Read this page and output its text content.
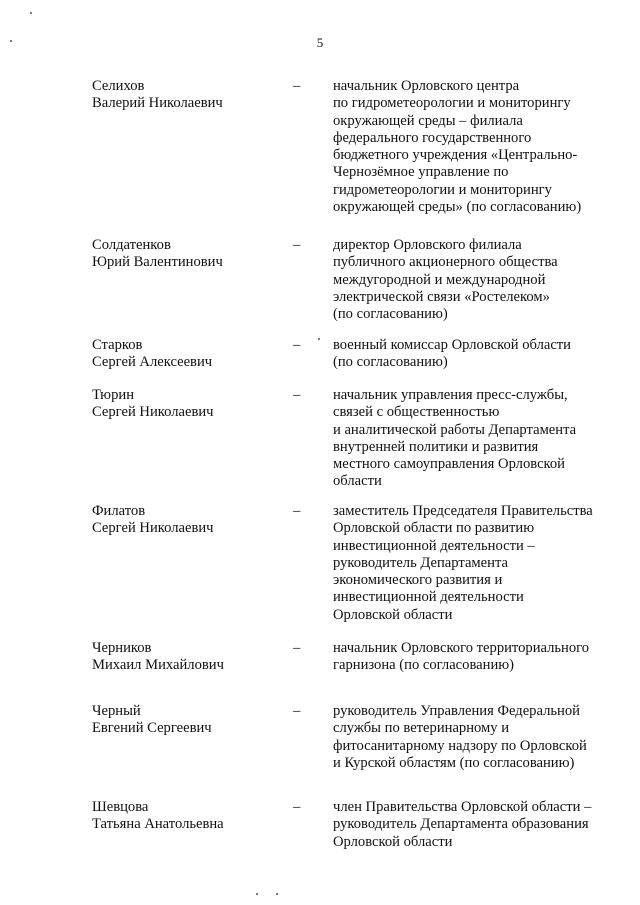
5
Селихов
Валерий Николаевич
– начальник Орловского центра
по гидрометеорологии и мониторингу
окружающей среды – филиала
федерального государственного
бюджетного учреждения «Центрально-
Чернозёмное управление по
гидрометеорологии и мониторингу
окружающей среды» (по согласованию)
Солдатенков
Юрий Валентинович
– директор Орловского филиала
публичного акционерного общества
междугородной и международной
электрической связи «Ростелеком»
(по согласованию)
Старков
Сергей Алексеевич
– военный комиссар Орловской области
(по согласованию)
Тюрин
Сергей Николаевич
– начальник управления пресс-службы,
связей с общественностью
и аналитической работы Департамента
внутренней политики и развития
местного самоуправления Орловской
области
Филатов
Сергей Николаевич
– заместитель Председателя Правительства
Орловской области по развитию
инвестиционной деятельности –
руководитель Департамента
экономического развития и
инвестиционной деятельности
Орловской области
Черников
Михаил Михайлович
– начальник Орловского территориального
гарнизона (по согласованию)
Черный
Евгений Сергеевич
– руководитель Управления Федеральной
службы по ветеринарному и
фитосанитарному надзору по Орловской
и Курской областям (по согласованию)
Шевцова
Татьяна Анатольевна
– член Правительства Орловской области –
руководитель Департамента образования
Орловской области
